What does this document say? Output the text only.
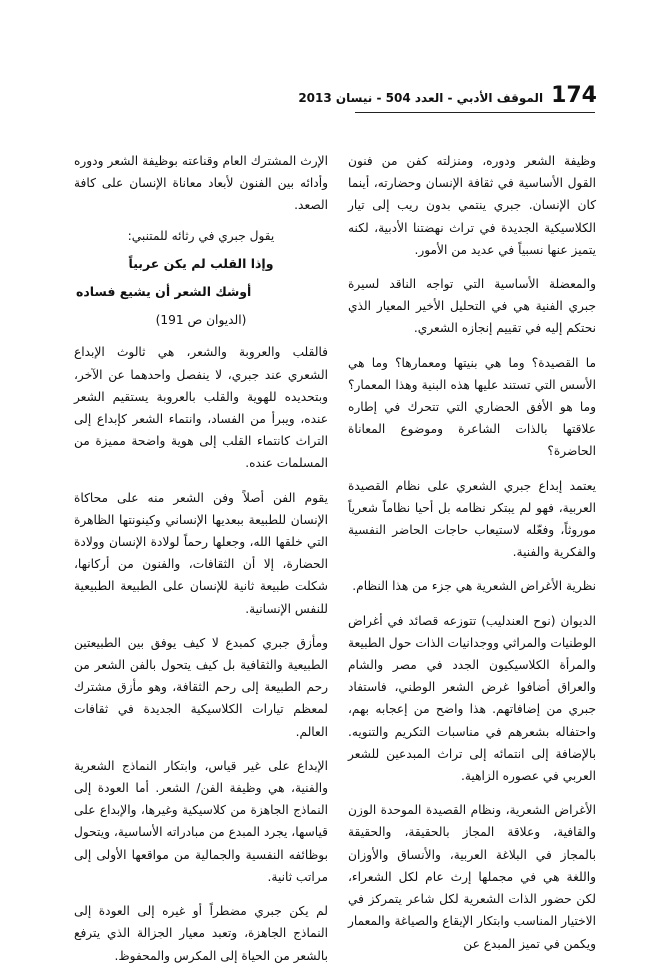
174
الموقف الأدبي - العدد 504 - نيسان 2013

وظيفة الشعر ودوره، ومنزلته كفن من فنون القول الأساسية في ثقافة الإنسان وحضارته، أينما كان الإنسان. جبري ينتمي بدون ريب إلى تيار الكلاسيكية الجديدة في تراث نهضتنا الأدبية، لكنه يتميز عنها نسبياً في عديد من الأمور.

والمعضلة الأساسية التي تواجه الناقد لسيرة جبري الفنية هي في التحليل الأخير المعيار الذي نحتكم إليه في تقييم إنجازه الشعري.

ما القصيدة؟ وما هي بنيتها ومعمارها؟ وما هي الأسس التي تستند عليها هذه البنية وهذا المعمار؟ وما هو الأفق الحضاري التي تتحرك في إطاره علاقتها بالذات الشاعرة وموضوع المعاناة الحاضرة؟

يعتمد إبداع جبري الشعري على نظام القصيدة العربية، فهو لم يبتكر نظامه بل أحيا نظاماً شعرياً موروثاً، وفعّله لاستيعاب حاجات الحاضر النفسية والفكرية والفنية.

نظرية الأغراض الشعرية هي جزء من هذا النظام.

الديوان (نوح العندليب) تتوزعه قصائد في أغراض الوطنيات والمراثي ووجدانيات الذات حول الطبيعة والمرأة الكلاسيكيون الجدد في مصر والشام والعراق أضافوا غرض الشعر الوطني، فاستفاد جبري من إضافاتهم. هذا واضح من إعجابه بهم، واحتفاله بشعرهم في مناسبات التكريم والتنويه. بالإضافة إلى انتمائه إلى تراث المبدعين للشعر العربي في عصوره الزاهية.

الأغراض الشعرية، ونظام القصيدة الموحدة الوزن والقافية، وعلاقة المجاز بالحقيقة، والحقيقة بالمجاز في البلاغة العربية، والأنساق والأوزان واللغة هي في مجملها إرث عام لكل الشعراء، لكن حضور الذات الشعرية لكل شاعر يتمركز في الاختيار المناسب وابتكار الإيقاع والصياغة والمعمار ويكمن في تميز المبدع عن

الإرث المشترك العام وقناعته بوظيفة الشعر ودوره وأدائه بين الفنون لأبعاد معاناة الإنسان على كافة الصعد.

يقول جبري في رثائه للمتنبي:

وإذا القلب لم يكن عربياً
أوشك الشعر أن يشيع فساده

(الديوان ص 191)

فالقلب والعروبة والشعر، هي ثالوث الإبداع الشعري عند جبري، لا ينفصل واحدهما عن الآخر، وبتحديده للهوية والقلب بالعروبة يستقيم الشعر عنده، ويبرأ من الفساد، وانتماء الشعر كإبداع إلى التراث كانتماء القلب إلى هوية واضحة مميزة من المسلمات عنده.

يقوم الفن أصلاً وفن الشعر منه على محاكاة الإنسان للطبيعة ببعديها الإنساني وكينونتها الظاهرة التي خلقها الله، وجعلها رحماً لولادة الإنسان وولادة الحضارة، إلا أن الثقافات، والفنون من أركانها، شكلت طبيعة ثانية للإنسان على الطبيعة الطبيعية للنفس الإنسانية.

ومأزق جبري كمبدع لا كيف يوفق بين الطبيعتين الطبيعية والثقافية بل كيف يتحول بالفن الشعر من رحم الطبيعة إلى رحم الثقافة، وهو مأزق مشترك لمعظم تيارات الكلاسيكية الجديدة في ثقافات العالم.

الإبداع على غير قياس، وابتكار النماذج الشعرية والفنية، هي وظيفة الفن/ الشعر. أما العودة إلى النماذج الجاهزة من كلاسيكية وغيرها، والإبداع على قياسها، يجرد المبدع من مبادراته الأساسية، ويتحول بوظائفه النفسية والجمالية من مواقعها الأولى إلى مراتب ثانية.

لم يكن جبري مضطراً أو غيره إلى العودة إلى النماذج الجاهزة، وتعبد معيار الجزالة الذي يترفع بالشعر من الحياة إلى المكرس والمحفوظ.
